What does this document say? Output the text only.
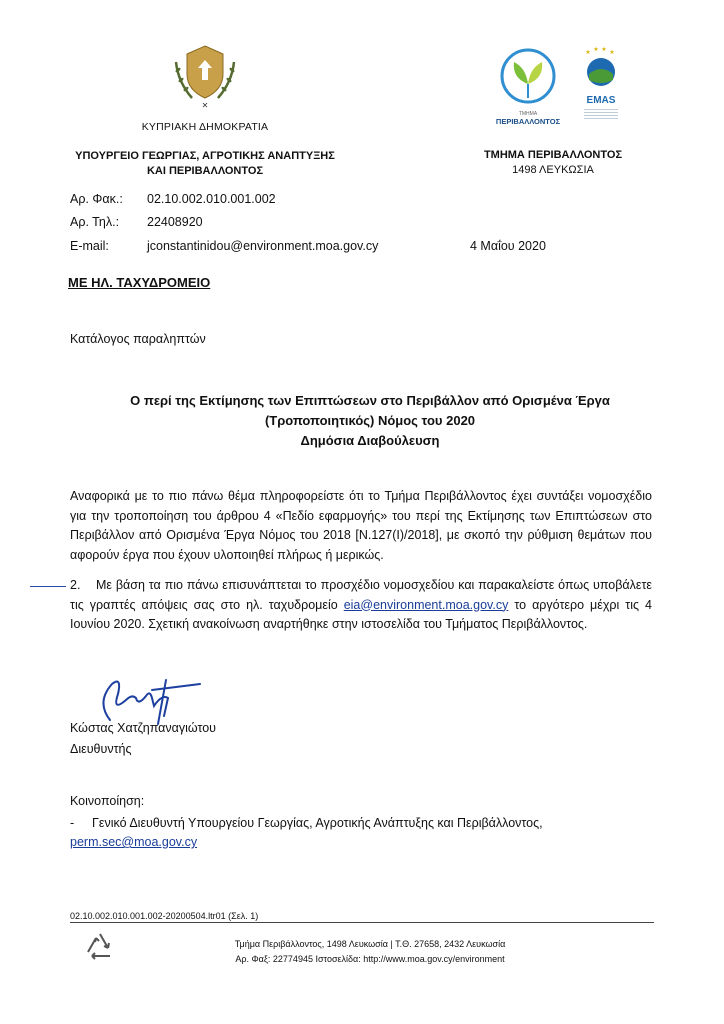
✕
ΚΥΠΡΙΑΚΗ ΔΗΜΟΚΡΑΤΙΑ
ΥΠΟΥΡΓΕΙΟ ΓΕΩΡΓΙΑΣ, ΑΓΡΟΤΙΚΗΣ ΑΝΑΠΤΥΞΗΣ
ΚΑΙ ΠΕΡΙΒΑΛΛΟΝΤΟΣ
ΤΜΗΜΑ
ΠΕΡΙΒΑΛΛΟΝΤΟΣ
★ ★ ★ ★
EMAS
ΤΜΗΜΑ ΠΕΡΙΒΑΛΛΟΝΤΟΣ
1498 ΛΕΥΚΩΣΙΑ
Αρ. Φακ.: 02.10.002.010.001.002
Αρ. Τηλ.: 22408920
E-mail:	jconstantinidou@environment.moa.gov.cy	4 Μαΐου 2020
ΜΕ ΗΛ. ΤΑΧΥΔΡΟΜΕΙΟ
Κατάλογος παραληπτών
Ο περί της Εκτίμησης των Επιπτώσεων στο Περιβάλλον από Ορισμένα Έργα
(Τροποποιητικός) Νόμος του 2020
Δημόσια Διαβούλευση
Αναφορικά με το πιο πάνω θέμα πληροφορείστε ότι το Τμήμα Περιβάλλοντος έχει συντάξει νομοσχέδιο για την τροποποίηση του άρθρου 4 «Πεδίο εφαρμογής» του περί της Εκτίμησης των Επιπτώσεων στο Περιβάλλον από Ορισμένα Έργα Νόμος του 2018 [Ν.127(Ι)/2018], με σκοπό την ρύθμιση θεμάτων που αφορούν έργα που έχουν υλοποιηθεί πλήρως ή μερικώς.
2. Με βάση τα πιο πάνω επισυνάπτεται το προσχέδιο νομοσχεδίου και παρακαλείστε όπως υποβάλετε τις γραπτές απόψεις σας στο ηλ. ταχυδρομείο eia@environment.moa.gov.cy το αργότερο μέχρι τις 4 Ιουνίου 2020. Σχετική ανακοίνωση αναρτήθηκε στην ιστοσελίδα του Τμήματος Περιβάλλοντος.
Κώστας Χατζηπαναγιώτου
Διευθυντής
Κοινοποίηση:
- Γενικό Διευθυντή Υπουργείου Γεωργίας, Αγροτικής Ανάπτυξης και Περιβάλλοντος,
perm.sec@moa.gov.cy
02.10.002.010.001.002-20200504.ltr01 (Σελ. 1)
Τμήμα Περιβάλλοντος, 1498 Λευκωσία | Τ.Θ. 27658, 2432 Λευκωσία
Αρ. Φαξ: 22774945 Ιστοσελίδα: http://www.moa.gov.cy/environment
